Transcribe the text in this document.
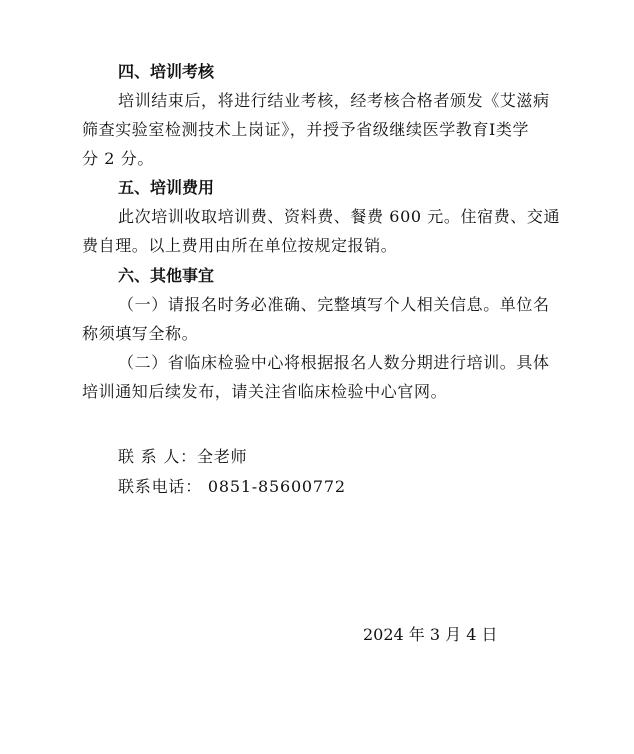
四、培训考核
培训结束后，将进行结业考核，经考核合格者颁发《艾滋病
筛查实验室检测技术上岗证》，并授予省级继续医学教育Ⅰ类学
分 2 分。
五、培训费用
此次培训收取培训费、资料费、餐费 600 元。住宿费、交通
费自理。以上费用由所在单位按规定报销。
六、其他事宜
（一）请报名时务必准确、完整填写个人相关信息。单位名
称须填写全称。
（二）省临床检验中心将根据报名人数分期进行培训。具体
培训通知后续发布，请关注省临床检验中心官网。
联 系 人：全老师
联系电话： 0851-85600772
2024 年 3 月 4 日
